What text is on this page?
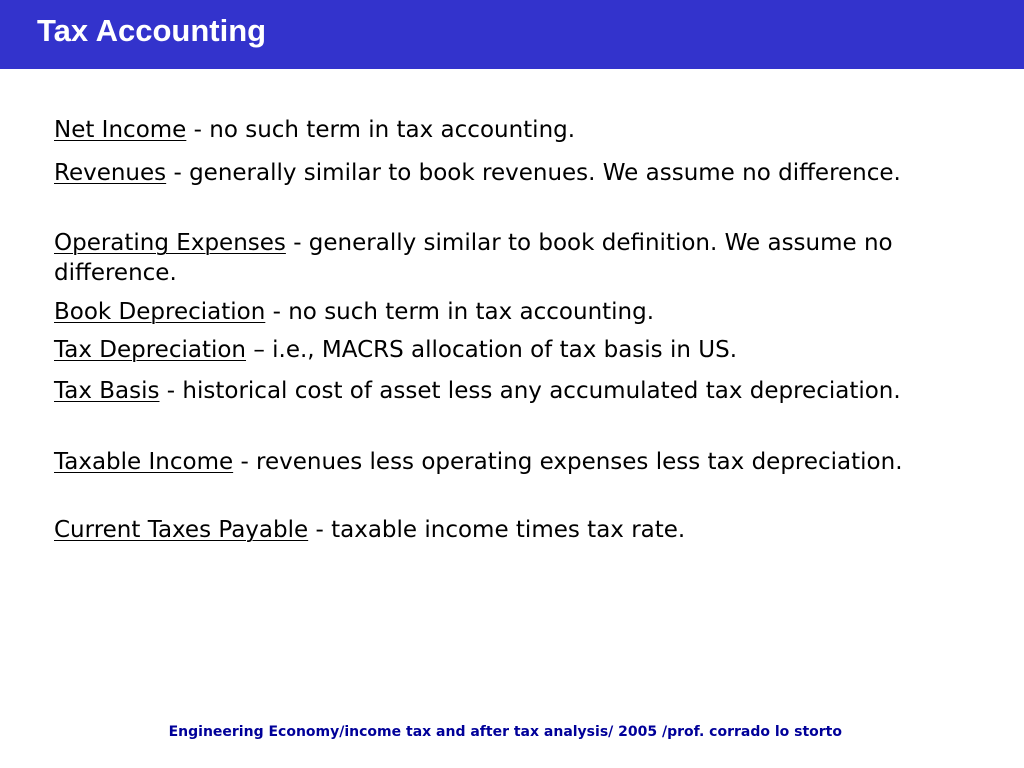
Tax Accounting
Net Income - no such term in tax accounting.
Revenues - generally similar to book revenues. We assume no difference.
Operating Expenses - generally similar to book definition. We assume no difference.
Book Depreciation - no such term in tax accounting.
Tax Depreciation – i.e., MACRS allocation of tax basis in US.
Tax Basis - historical cost of asset less any accumulated tax depreciation.
Taxable Income - revenues less operating expenses less tax depreciation.
Current Taxes Payable - taxable income times tax rate.
Engineering Economy/income tax and after tax analysis/ 2005 /prof. corrado lo storto
